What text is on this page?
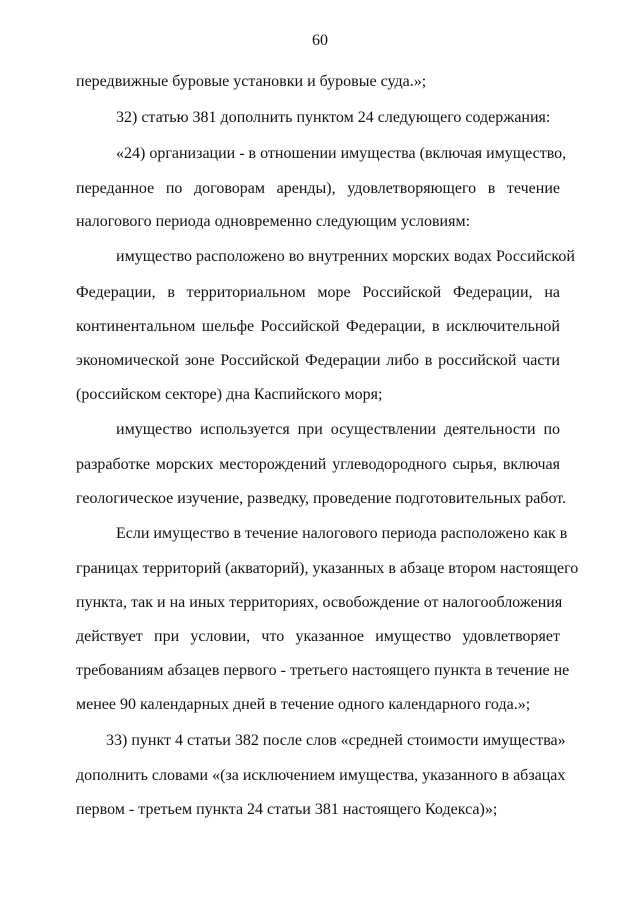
60
передвижные буровые установки и буровые суда.»;
32) статью 381 дополнить пунктом 24 следующего содержания:
«24) организации - в отношении имущества (включая имущество,
переданное по договорам аренды), удовлетворяющего в течение
налогового периода одновременно следующим условиям:
имущество расположено во внутренних морских водах Российской
Федерации, в территориальном море Российской Федерации, на
континентальном шельфе Российской Федерации, в исключительной
экономической зоне Российской Федерации либо в российской части
(российском секторе) дна Каспийского моря;
имущество используется при осуществлении деятельности по
разработке морских месторождений углеводородного сырья, включая
геологическое изучение, разведку, проведение подготовительных работ.
Если имущество в течение налогового периода расположено как в
границах территорий (акваторий), указанных в абзаце втором настоящего
пункта, так и на иных территориях, освобождение от налогообложения
действует при условии, что указанное имущество удовлетворяет
требованиям абзацев первого - третьего настоящего пункта в течение не
менее 90 календарных дней в течение одного календарного года.»;
33) пункт 4 статьи 382 после слов «средней стоимости имущества»
дополнить словами «(за исключением имущества, указанного в абзацах
первом - третьем пункта 24 статьи 381 настоящего Кодекса)»;
